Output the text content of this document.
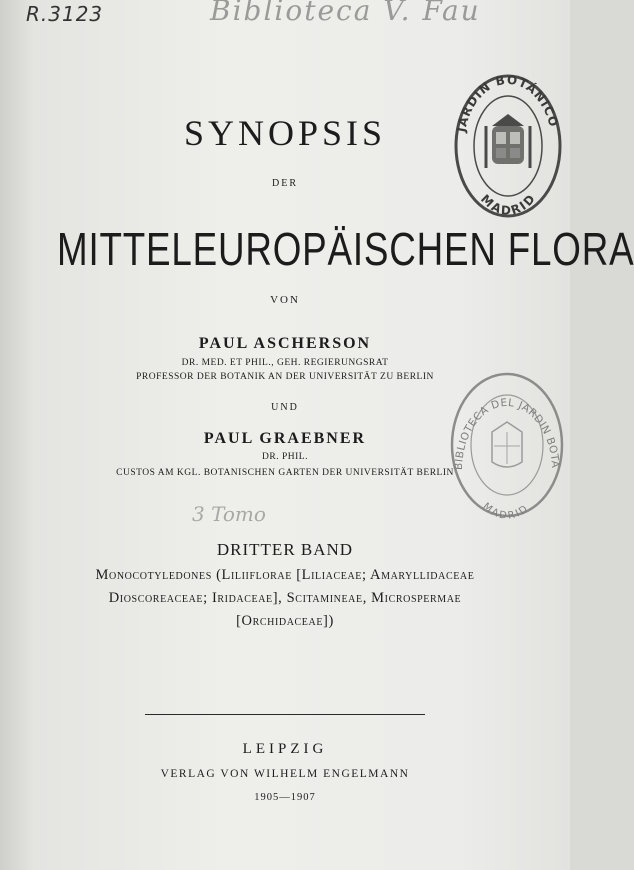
R.3123	Biblioteca V. Fau
SYNOPSIS
DER
MITTELEUROPÄISCHEN FLORA
VON
PAUL ASCHERSON
DR. MED. ET PHIL., GEH. REGIERUNGSRAT
PROFESSOR DER BOTANIK AN DER UNIVERSITÄT ZU BERLIN
UND
PAUL GRAEBNER
DR. PHIL.
CUSTOS AM KGL. BOTANISCHEN GARTEN DER UNIVERSITÄT BERLIN
3 Tomo
DRITTER BAND
Monocotyledones (Liliiflorae [Liliaceae; Amaryllidaceae
Dioscoreaceae; Iridaceae], Scitamineae, Microspermae
[Orchidaceae])
LEIPZIG
VERLAG VON WILHELM ENGELMANN
1905—1907
JARDIN BOTÁNICO
MADRID
BIBLIOTECA DEL JARDIN BOTA
MADRID
